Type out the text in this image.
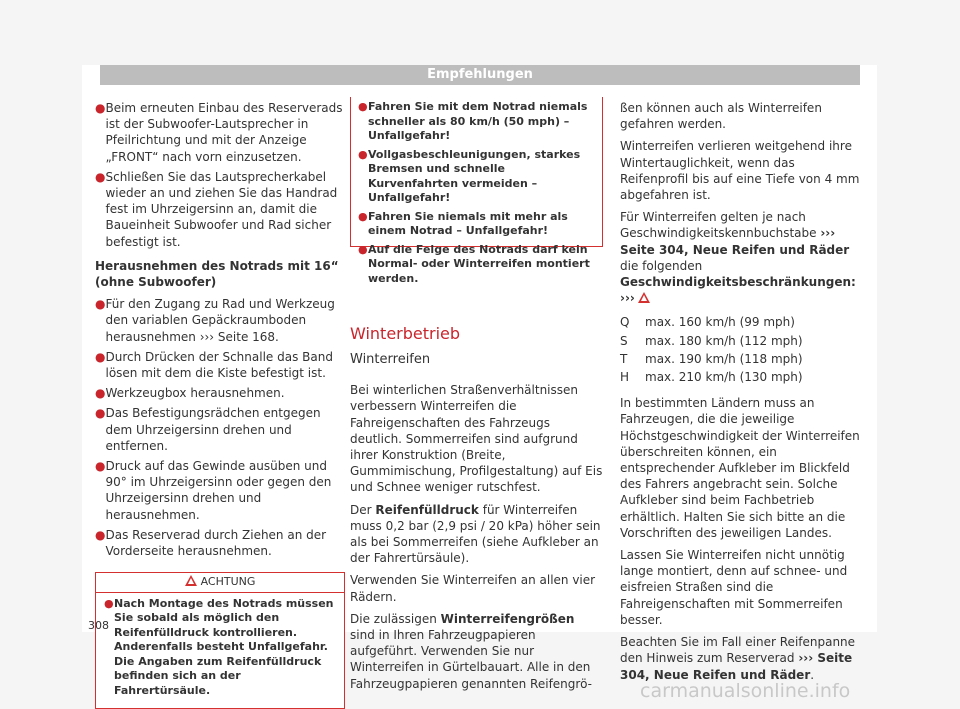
Empfehlungen
● Beim erneuten Einbau des Reserverads ist der Subwoofer-Lautsprecher in Pfeilrichtung und mit der Anzeige „FRONT“ nach vorn einzusetzen.
● Schließen Sie das Lautsprecherkabel wieder an und ziehen Sie das Handrad fest im Uhrzeigersinn an, damit die Baueinheit Subwoofer und Rad sicher befestigt ist.

Herausnehmen des Notrads mit 16“ (ohne Subwoofer)

● Für den Zugang zu Rad und Werkzeug den variablen Gepäckraumboden herausnehmen ››› Seite 168.
● Durch Drücken der Schnalle das Band lösen mit dem die Kiste befestigt ist.
● Werkzeugbox herausnehmen.
● Das Befestigungsrädchen entgegen dem Uhrzeigersinn drehen und entfernen.
● Druck auf das Gewinde ausüben und 90° im Uhrzeigersinn oder gegen den Uhrzeigersinn drehen und herausnehmen.
● Das Reserverad durch Ziehen an der Vorderseite herausnehmen.
ACHTUNG
● Nach Montage des Notrads müssen Sie sobald als möglich den Reifenfülldruck kontrollieren. Anderenfalls besteht Unfallgefahr. Die Angaben zum Reifenfülldruck befinden sich an der Fahrertürsäule.
● Fahren Sie mit dem Notrad niemals schneller als 80 km/h (50 mph) – Unfallgefahr!
● Vollgasbeschleunigungen, starkes Bremsen und schnelle Kurvenfahrten vermeiden – Unfallgefahr!
● Fahren Sie niemals mit mehr als einem Notrad – Unfallgefahr!
● Auf die Felge des Notrads darf kein Normal- oder Winterreifen montiert werden.
Winterbetrieb
Winterreifen

Bei winterlichen Straßenverhältnissen verbessern Winterreifen die Fahreigenschaften des Fahrzeugs deutlich. Sommerreifen sind aufgrund ihrer Konstruktion (Breite, Gummimischung, Profilgestaltung) auf Eis und Schnee weniger rutschfest.

Der Reifenfülldruck für Winterreifen muss 0,2 bar (2,9 psi / 20 kPa) höher sein als bei Sommerreifen (siehe Aufkleber an der Fahrertürsäule).

Verwenden Sie Winterreifen an allen vier Rädern.

Die zulässigen Winterreifengrößen sind in Ihren Fahrzeugpapieren aufgeführt. Verwenden Sie nur Winterreifen in Gürtelbauart. Alle in den Fahrzeugpapieren genannten Reifengrö-

ßen können auch als Winterreifen gefahren werden.

Winterreifen verlieren weitgehend ihre Wintertauglichkeit, wenn das Reifenprofil bis auf eine Tiefe von 4 mm abgefahren ist.

Für Winterreifen gelten je nach Geschwindigkeitskennbuchstabe ››› Seite 304, Neue Reifen und Räder die folgenden Geschwindigkeitsbeschränkungen: ›››

Q	max. 160 km/h (99 mph)
S	max. 180 km/h (112 mph)
T	max. 190 km/h (118 mph)
H	max. 210 km/h (130 mph)

In bestimmten Ländern muss an Fahrzeugen, die die jeweilige Höchstgeschwindigkeit der Winterreifen überschreiten können, ein entsprechender Aufkleber im Blickfeld des Fahrers angebracht sein. Solche Aufkleber sind beim Fachbetrieb erhältlich. Halten Sie sich bitte an die Vorschriften des jeweiligen Landes.

Lassen Sie Winterreifen nicht unnötig lange montiert, denn auf schnee- und eisfreien Straßen sind die Fahreigenschaften mit Sommerreifen besser.

Beachten Sie im Fall einer Reifenpanne den Hinweis zum Reserverad ››› Seite 304, Neue Reifen und Räder.

308
carmanualsonline.info
